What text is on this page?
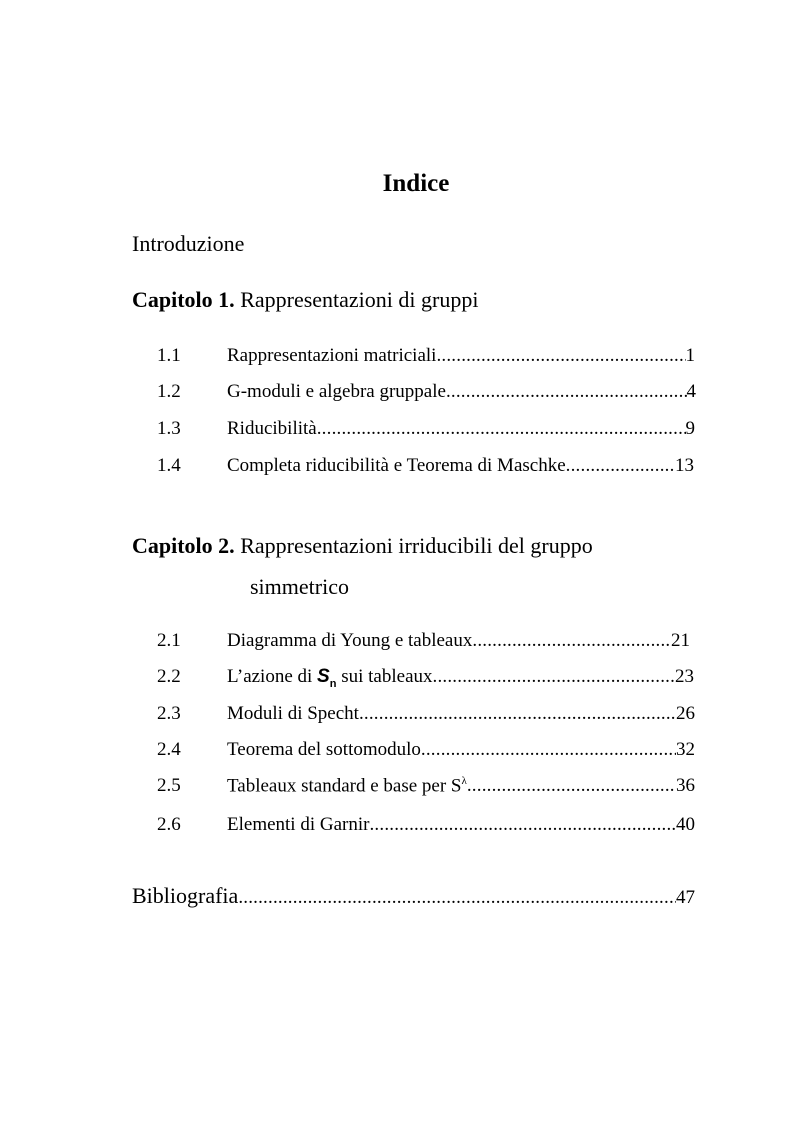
Indice
Introduzione
Capitolo 1. Rappresentazioni di gruppi
1.1 Rappresentazioni matriciali .....	1
1.2 G-moduli e algebra gruppale .....	4
1.3 Riducibilità .....	9
1.4 Completa riducibilità e Teorema di Maschke .....	13
Capitolo 2. Rappresentazioni irriducibili del gruppo
simmetrico
2.1 Diagramma di Young e tableaux .....	21
2.2 L’azione di $S_n$ sui tableaux .....	23
2.3 Moduli di Specht .....	26
2.4 Teorema del sottomodulo .....	32
2.5 Tableaux standard e base per $S^\lambda$ .....	36
2.6 Elementi di Garnir .....	40
Bibliografia .....	47
